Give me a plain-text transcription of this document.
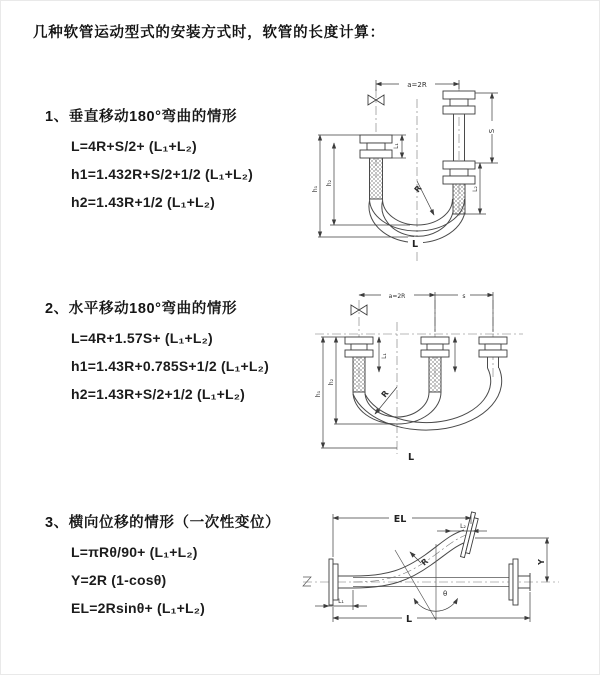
几种软管运动型式的安装方式时，软管的长度计算：
1、垂直移动180°弯曲的情形

L=4R+S/2+ (L₁+L₂)

h1=1.432R+S/2+1/2 (L₁+L₂)

h2=1.43R+1/2 (L₁+L₂)

2、水平移动180°弯曲的情形

L=4R+1.57S+ (L₁+L₂)

h1=1.43R+0.785S+1/2 (L₁+L₂)

h2=1.43R+S/2+1/2 (L₁+L₂)

3、横向位移的情形（一次性变位）

L=πRθ/90+ (L₁+L₂)

Y=2R (1-cosθ)

EL=2Rsinθ+ (L₁+L₂)

a=2R
h₁
h₂
L₁
S
L₂
R
L
a=2R	s
h₁
h₂
L₁
R
L
EL
L₂
Y
θ
R
L₁
L
